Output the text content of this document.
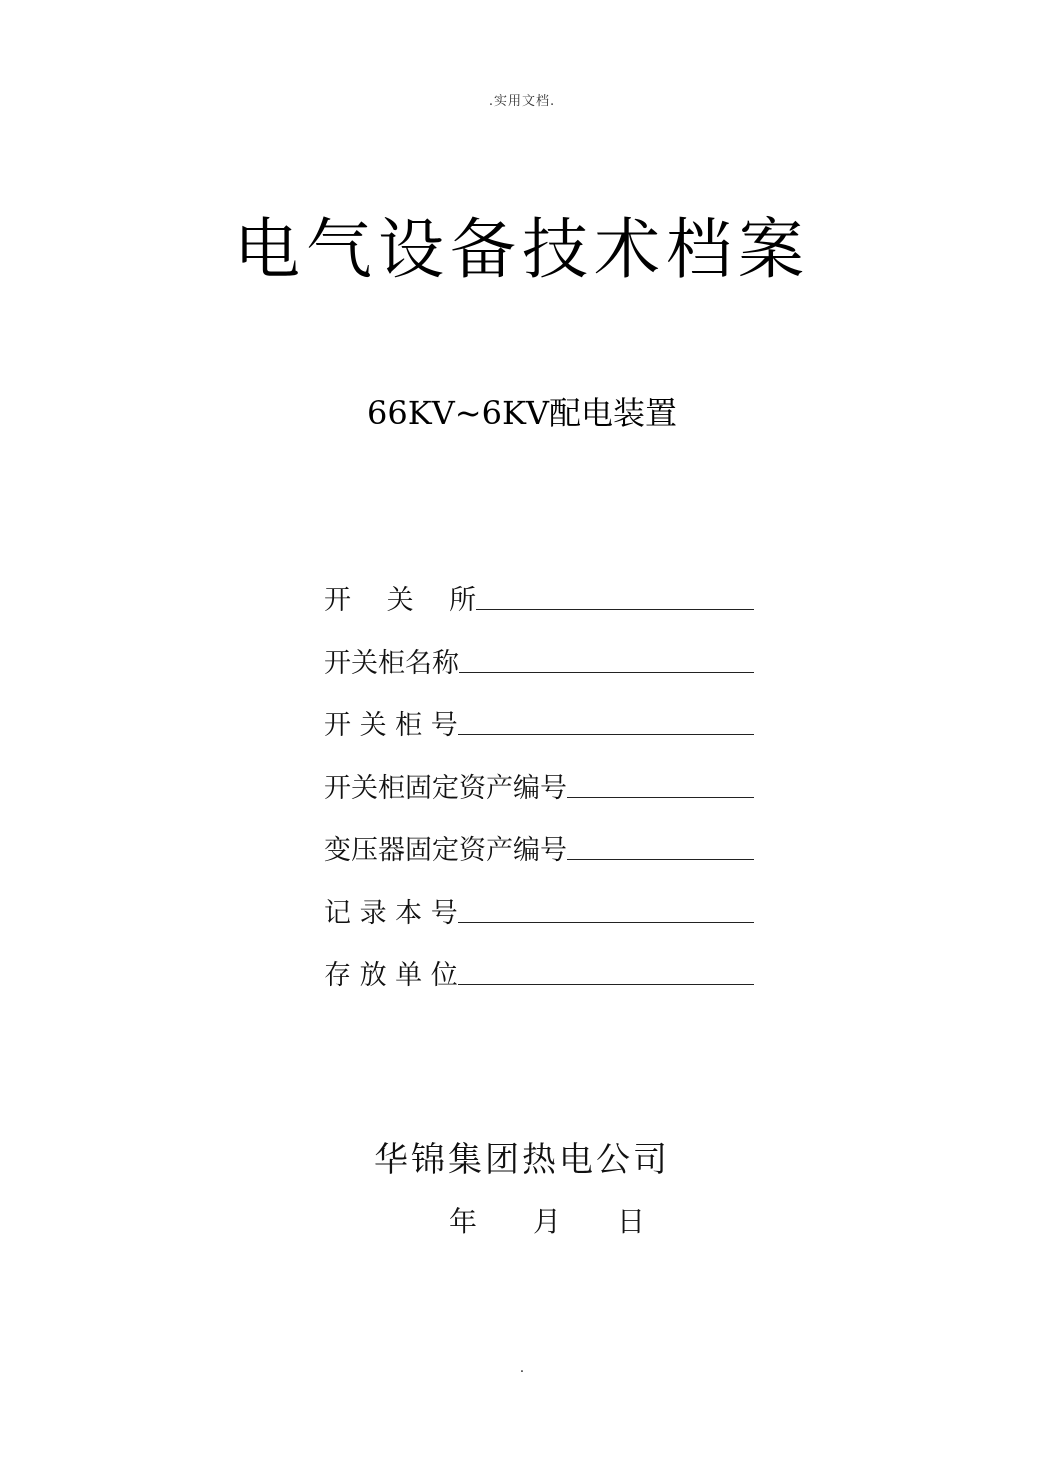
.实用文档.
电气设备技术档案
66KV~6KV配电装置
开　 关　 所
开关柜名称
开 关 柜 号
开关柜固定资产编号
变压器固定资产编号
记 录 本 号
存 放 单 位
华锦集团热电公司
年	月	日
.
